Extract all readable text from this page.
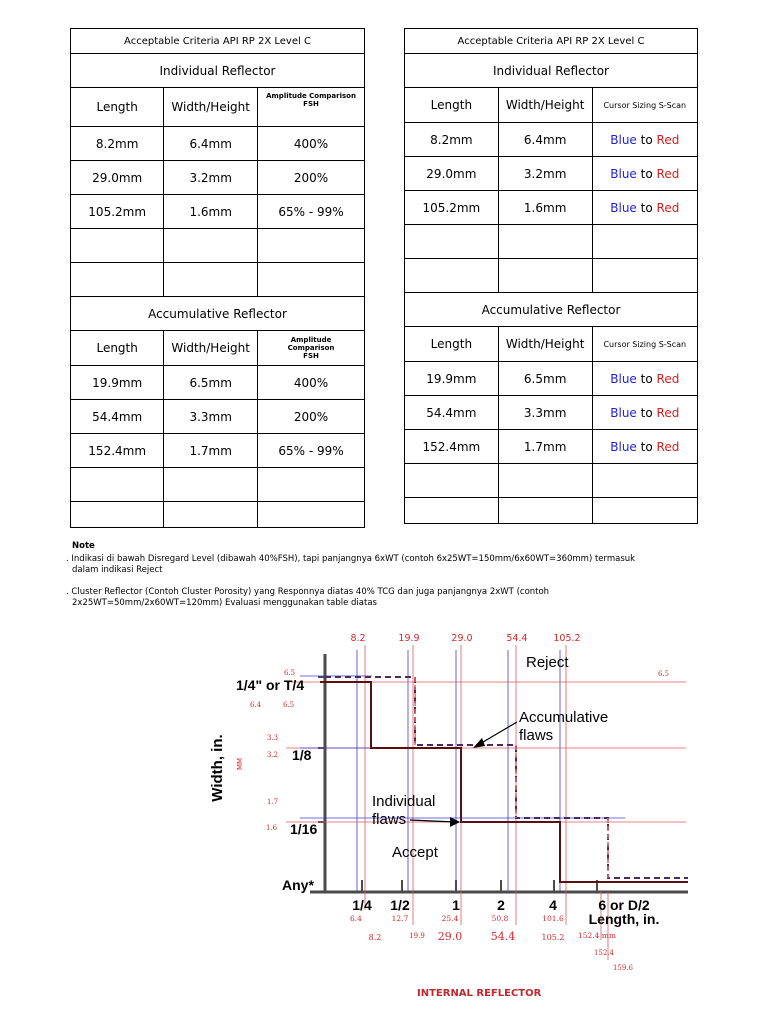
Acceptable Criteria API RP 2X Level C		
Individual Reflector		
Length	Width/Height	Amplitude Comparison FSH
8.2mm	6.4mm	400%
29.0mm	3.2mm	200%
105.2mm	1.6mm	65% - 99%

Accumulative Reflector		
Length	Width/Height	Amplitude Comparison FSH
19.9mm	6.5mm	400%
54.4mm	3.3mm	200%
152.4mm	1.7mm	65% - 99%

Acceptable Criteria API RP 2X Level C		
Individual Reflector		
Length	Width/Height	Cursor Sizing S-Scan
8.2mm	6.4mm	Blue to Red
29.0mm	3.2mm	Blue to Red
105.2mm	1.6mm	Blue to Red

Accumulative Reflector		
Length	Width/Height	Cursor Sizing S-Scan
19.9mm	6.5mm	Blue to Red
54.4mm	3.3mm	Blue to Red
152.4mm	1.7mm	Blue to Red

Note
. Indikasi di bawah Disregard Level (dibawah 40%FSH), tapi panjangnya 6xWT (contoh 6x25WT=150mm/6x60WT=360mm) termasuk
dalam indikasi Reject
. Cluster Reflector (Contoh Cluster Porosity) yang Responnya diatas 40% TCG dan juga panjangnya 2xWT (contoh
2x25WT=50mm/2x60WT=120mm) Evaluasi menggunakan table diatas
8.2	19.9	29.0	54.4	105.2
Reject
Accumulative
flaws
Individual
flaws
Accept
Width, in. MM
1/4" or T/4
1/8
1/16
Any*
6.5
6.4	6.5
3.3
3.2
1.7
1.6
6.5
1/4 1/2	1	2	4	6 or D/2
Length, in.
6.4	12.7	25.4	50.8	101.6
152.4 mm
8.2	19.9 29.0	54.4	105.2
152.4
159.6
INTERNAL REFLECTOR
